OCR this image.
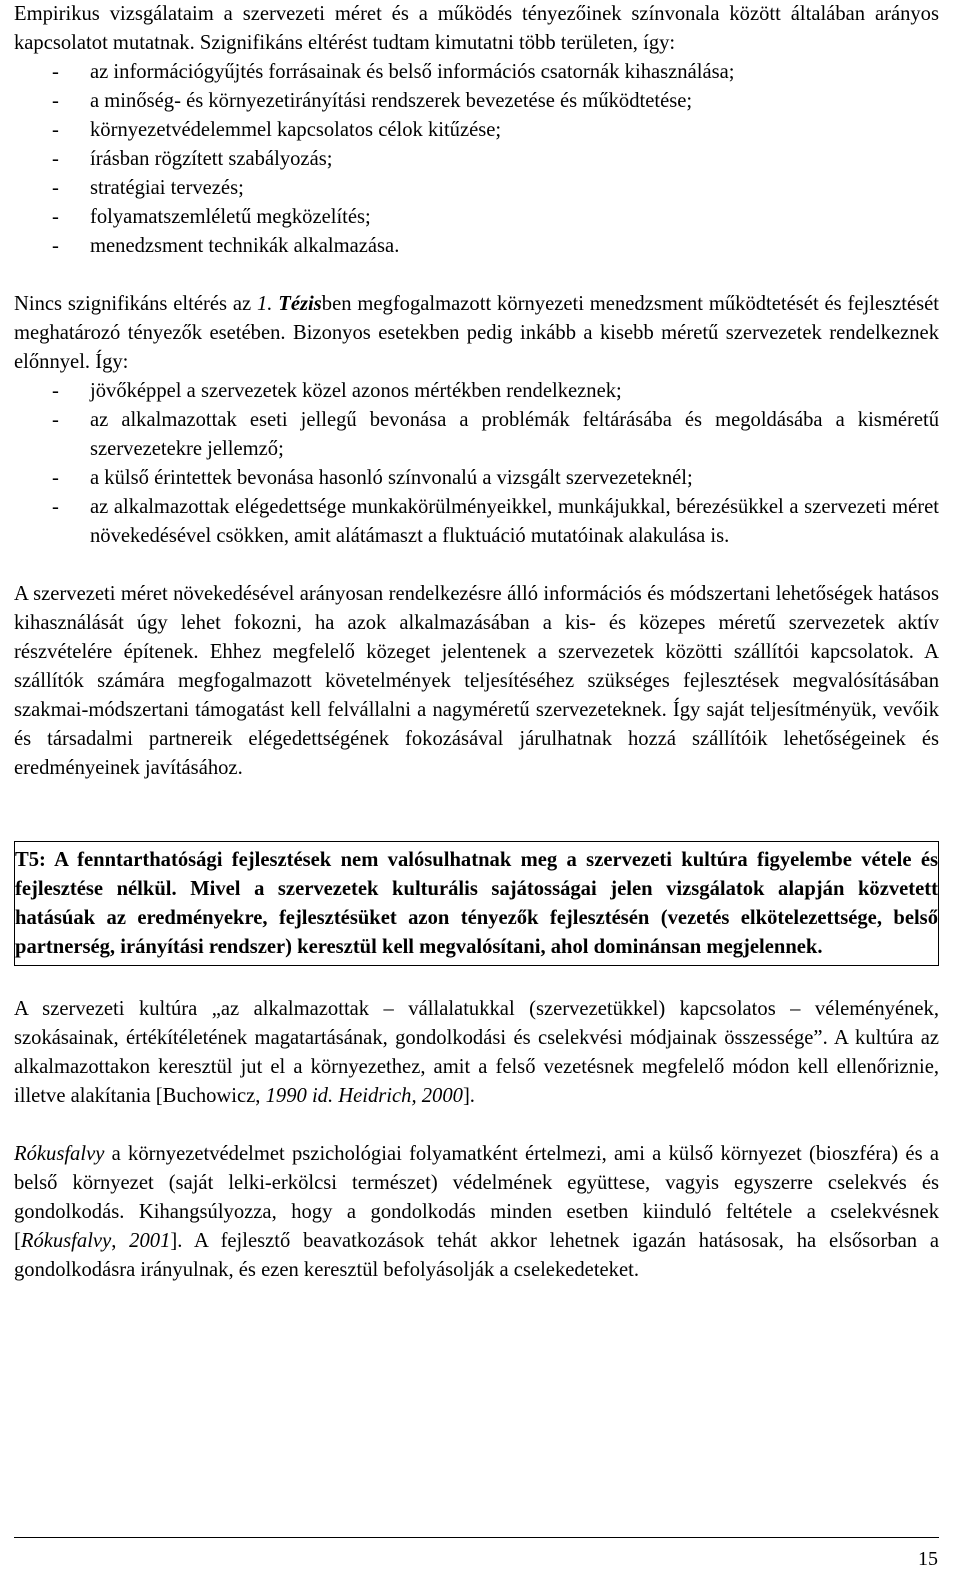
Empirikus vizsgálataim a szervezeti méret és a működés tényezőinek színvonala között általában arányos kapcsolatot mutatnak. Szignifikáns eltérést tudtam kimutatni több területen, így:

- az információgyűjtés forrásainak és belső információs csatornák kihasználása;
- a minőség- és környezetirányítási rendszerek bevezetése és működtetése;
- környezetvédelemmel kapcsolatos célok kitűzése;
- írásban rögzített szabályozás;
- stratégiai tervezés;
- folyamatszemléletű megközelítés;
- menedzsment technikák alkalmazása.

Nincs szignifikáns eltérés az 1. Tézisben megfogalmazott környezeti menedzsment működtetését és fejlesztését meghatározó tényezők esetében. Bizonyos esetekben pedig inkább a kisebb méretű szervezetek rendelkeznek előnnyel. Így:

- jövőképpel a szervezetek közel azonos mértékben rendelkeznek;
- az alkalmazottak eseti jellegű bevonása a problémák feltárásába és megoldásába a kisméretű szervezetekre jellemző;
- a külső érintettek bevonása hasonló színvonalú a vizsgált szervezeteknél;
- az alkalmazottak elégedettsége munkakörülményeikkel, munkájukkal, bérezésükkel a szervezeti méret növekedésével csökken, amit alátámaszt a fluktuáció mutatóinak alakulása is.

A szervezeti méret növekedésével arányosan rendelkezésre álló információs és módszertani lehetőségek hatásos kihasználását úgy lehet fokozni, ha azok alkalmazásában a kis- és közepes méretű szervezetek aktív részvételére építenek. Ehhez megfelelő közeget jelentenek a szervezetek közötti szállítói kapcsolatok. A szállítók számára megfogalmazott követelmények teljesítéséhez szükséges fejlesztések megvalósításában szakmai-módszertani támogatást kell felvállalni a nagyméretű szervezeteknek. Így saját teljesítményük, vevőik és társadalmi partnereik elégedettségének fokozásával járulhatnak hozzá szállítóik lehetőségeinek és eredményeinek javításához.

T5: A fenntarthatósági fejlesztések nem valósulhatnak meg a szervezeti kultúra figyelembe vétele és fejlesztése nélkül. Mivel a szervezetek kulturális sajátosságai jelen vizsgálatok alapján közvetett hatásúak az eredményekre, fejlesztésüket azon tényezők fejlesztésén (vezetés elkötelezettsége, belső partnerség, irányítási rendszer) keresztül kell megvalósítani, ahol dominánsan megjelennek.

A szervezeti kultúra „az alkalmazottak – vállalatukkal (szervezetükkel) kapcsolatos – véleményének, szokásainak, értékítéletének magatartásának, gondolkodási és cselekvési módjainak összessége”. A kultúra az alkalmazottakon keresztül jut el a környezethez, amit a felső vezetésnek megfelelő módon kell ellenőriznie, illetve alakítania [Buchowicz, 1990 id. Heidrich, 2000].

Rókusfalvy a környezetvédelmet pszichológiai folyamatként értelmezi, ami a külső környezet (bioszféra) és a belső környezet (saját lelki-erkölcsi természet) védelmének együttese, vagyis egyszerre cselekvés és gondolkodás. Kihangsúlyozza, hogy a gondolkodás minden esetben kiinduló feltétele a cselekvésnek [Rókusfalvy, 2001]. A fejlesztő beavatkozások tehát akkor lehetnek igazán hatásosak, ha elsősorban a gondolkodásra irányulnak, és ezen keresztül befolyásolják a cselekedeteket.

15
